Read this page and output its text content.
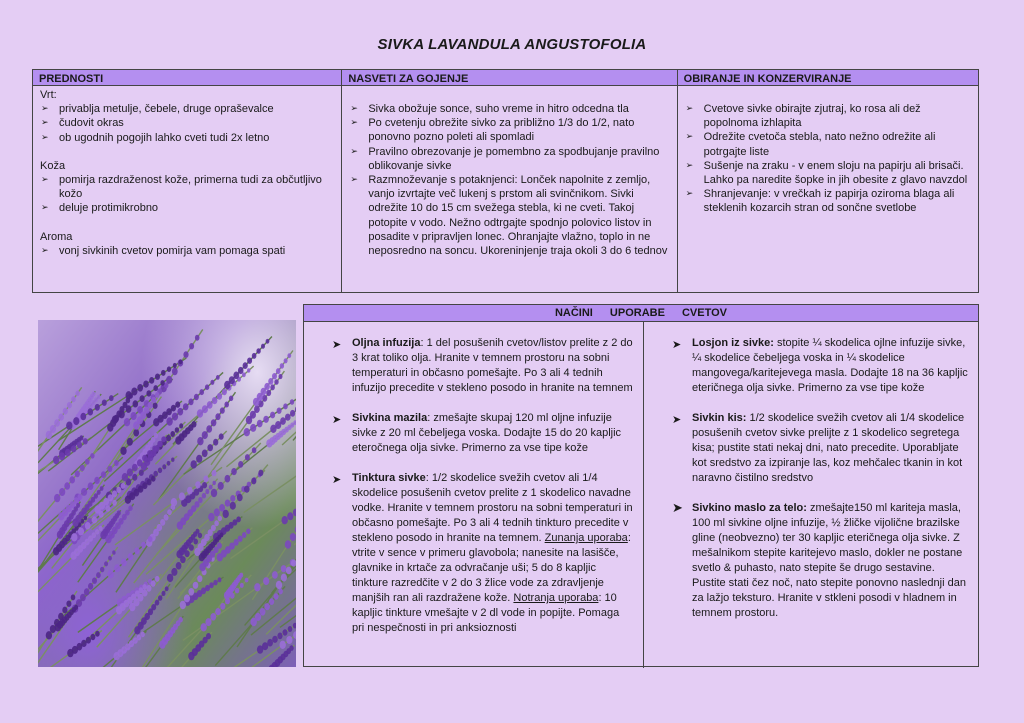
SIVKA LAVANDULA ANGUSTOFOLIA
PREDNOSTI
Vrt:
➢ privablja metulje, čebele, druge opraševalce
➢ čudovit okras
➢ ob ugodnih pogojih lahko cveti tudi 2x letno
Koža
➢ pomirja razdraženost kože, primerna tudi za občutljivo kožo
➢ deluje protimikrobno
Aroma
➢ vonj sivkinih cvetov pomirja vam pomaga spati
NASVETI ZA GOJENJE
➢ Sivka obožuje sonce, suho vreme in hitro odcedna tla
➢ Po cvetenju obrežite sivko za približno 1/3 do 1/2, nato ponovno pozno poleti ali spomladi
➢ Pravilno obrezovanje je pomembno za spodbujanje pravilno oblikovanje sivke
➢ Razmnoževanje s potaknjenci: Lonček napolnite z zemljo, vanjo izvrtajte več lukenj s prstom ali svinčnikom. Sivki odrežite 10 do 15 cm svežega stebla, ki ne cveti. Takoj potopite v vodo. Nežno odtrgajte spodnjo polovico listov in posadite v pripravljen lonec. Ohranjajte vlažno, toplo in ne neposredno na soncu. Ukoreninjenje traja okoli 3 do 6 tednov
OBIRANJE IN KONZERVIRANJE
➢ Cvetove sivke obirajte zjutraj, ko rosa ali dež popolnoma izhlapita
➢ Odrežite cvetoča stebla, nato nežno odrežite ali potrgajte liste
➢ Sušenje na zraku - v enem sloju na papirju ali brisači. Lahko pa naredite šopke in jih obesite z glavo navzdol
➢ Shranjevanje: v vrečkah iz papirja oziroma blaga ali steklenih kozarcih stran od sončne svetlobe
NAČINI UPORABE CVETOV
➤ Oljna infuzija: 1 del posušenih cvetov/listov prelite z 2 do 3 krat toliko olja. Hranite v temnem prostoru na sobni temperaturi in občasno pomešajte. Po 3 ali 4 tednih infuzijo precedite v stekleno posodo in hranite na temnem
➤ Sivkina mazila: zmešajte skupaj 120 ml oljne infuzije sivke z 20 ml čebeljega voska. Dodajte 15 do 20 kapljic eteročnega olja sivke. Primerno za vse tipe kože
➤ Tinktura sivke: 1/2 skodelice svežih cvetov ali 1/4 skodelice posušenih cvetov prelite z 1 skodelico navadne vodke. Hranite v temnem prostoru na sobni temperaturi in občasno pomešajte. Po 3 ali 4 tednih tinkturo precedite v stekleno posodo in hranite na temnem. Zunanja uporaba: vtrite v sence v primeru glavobola; nanesite na lasišče, glavnike in krtače za odvračanje uši; 5 do 8 kapljic tinkture razredčite v 2 do 3 žlice vode za zdravljenje manjših ran ali razdražene kože. Notranja uporaba: 10 kapljic tinkture vmešajte v 2 dl vode in popijte. Pomaga pri nespečnosti in pri anksioznosti
➤ Losjon iz sivke: stopite ¼ skodelica ojlne infuzije sivke, ¼ skodelice čebeljega voska in ¼ skodelice mangovega/karitejevega masla. Dodajte 18 na 36 kapljic eteričnega olja sivke. Primerno za vse tipe kože
➤ Sivkin kis: 1/2 skodelice svežih cvetov ali 1/4 skodelice posušenih cvetov sivke prelijte z 1 skodelico segretega kisa; pustite stati nekaj dni, nato precedite. Uporabljate kot sredstvo za izpiranje las, koz mehčalec tkanin in kot naravno čistilno sredstvo
➤ Sivkino maslo za telo: zmešajte150 ml kariteja masla, 100 ml sivkine oljne infuzije, ½ žličke vijolične brazilske gline (neobvezno) ter 30 kapljic eteričnega olja sivke. Z mešalnikom stepite karitejevo maslo, dokler ne postane svetlo & puhasto, nato stepite še drugo sestavine. Pustite stati čez noč, nato stepite ponovno naslednji dan za lažjo teksturo. Hranite v stkleni posodi v hladnem in temnem prostoru.
